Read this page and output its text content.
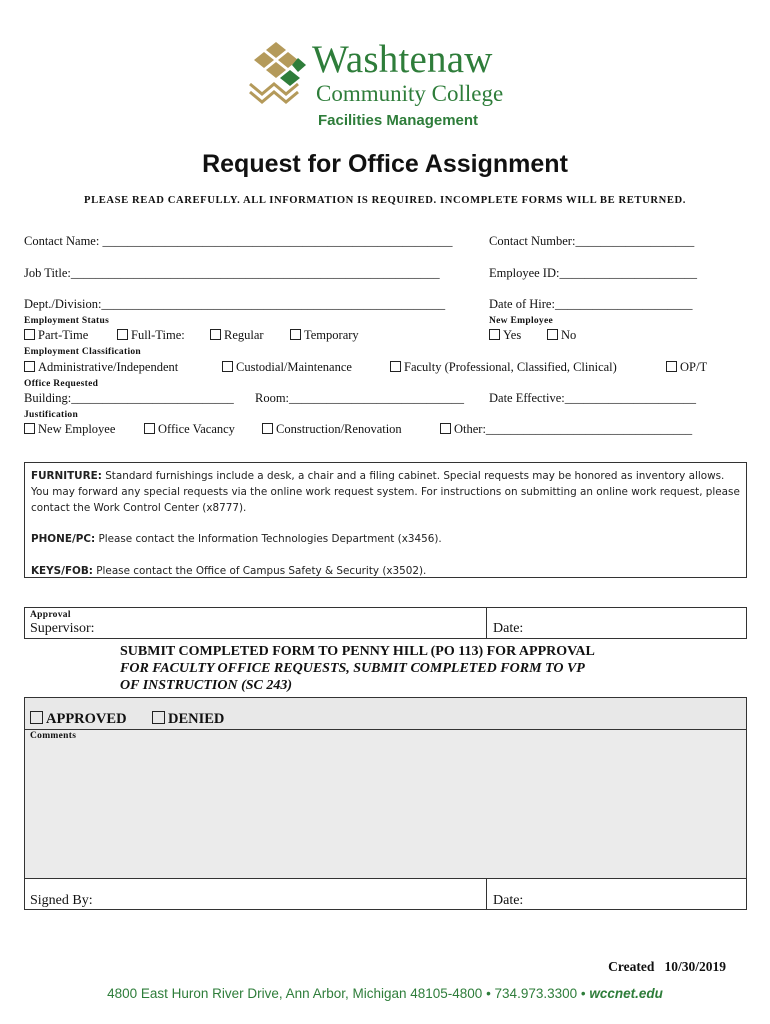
Washtenaw
Community College
Facilities Management
Request for Office Assignment
PLEASE READ CAREFULLY. ALL INFORMATION IS REQUIRED. INCOMPLETE FORMS WILL BE RETURNED.
Contact Name: ________________________________________________________	Contact Number:___________________
Job Title:___________________________________________________________	Employee ID:______________________
Dept./Division:_______________________________________________________	Date of Hire:______________________
Employment Status	New Employee
Part-Time	Full-Time:	Regular	Temporary	Yes	No
Employment Classification
Administrative/Independent	Custodial/Maintenance	Faculty (Professional, Classified, Clinical)	OP/T
Office Requested
Building:__________________________ Room:____________________________ Date Effective:_____________________
Justification
New Employee	Office Vacancy	Construction/Renovation	Other:_________________________________
FURNITURE: Standard furnishings include a desk, a chair and a filing cabinet. Special requests may be honored as inventory allows. You may forward any special requests via the online work request system. For instructions on submitting an online work request, please contact the Work Control Center (x8777).
PHONE/PC: Please contact the Information Technologies Department (x3456).
KEYS/FOB: Please contact the Office of Campus Safety & Security (x3502).
Approval
Supervisor:	Date:
SUBMIT COMPLETED FORM TO PENNY HILL (PO 113) FOR APPROVAL
FOR FACULTY OFFICE REQUESTS, SUBMIT COMPLETED FORM TO VP
OF INSTRUCTION (SC 243)
APPROVED	DENIED
Comments
Signed By:	Date:
Created   10/30/2019
4800 East Huron River Drive, Ann Arbor, Michigan 48105-4800 • 734.973.3300 • wccnet.edu
